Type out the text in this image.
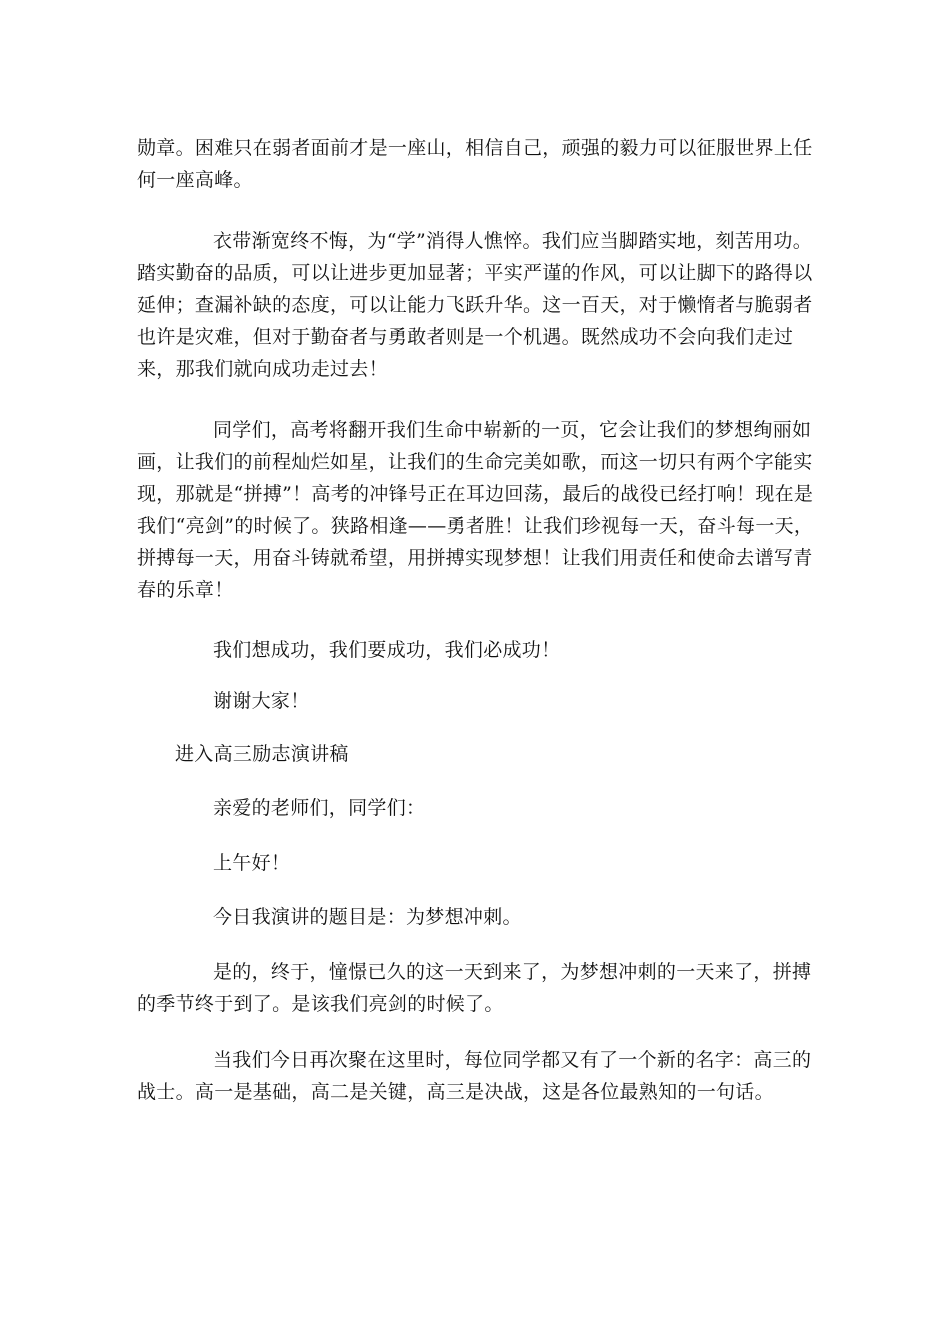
勋章。困难只在弱者面前才是一座山，相信自己，顽强的毅力可以征服世界上任何一座高峰。

衣带渐宽终不悔，为“学”消得人憔悴。我们应当脚踏实地，刻苦用功。踏实勤奋的品质，可以让进步更加显著；平实严谨的作风，可以让脚下的路得以延伸；查漏补缺的态度，可以让能力飞跃升华。这一百天，对于懒惰者与脆弱者也许是灾难，但对于勤奋者与勇敢者则是一个机遇。既然成功不会向我们走过来，那我们就向成功走过去！

同学们，高考将翻开我们生命中崭新的一页，它会让我们的梦想绚丽如画，让我们的前程灿烂如星，让我们的生命完美如歌，而这一切只有两个字能实现，那就是“拼搏”！高考的冲锋号正在耳边回荡，最后的战役已经打响！现在是我们“亮剑”的时候了。狭路相逢——勇者胜！让我们珍视每一天，奋斗每一天，拼搏每一天，用奋斗铸就希望，用拼搏实现梦想！让我们用责任和使命去谱写青春的乐章！

我们想成功，我们要成功，我们必成功！

谢谢大家！

进入高三励志演讲稿

亲爱的老师们，同学们：

上午好！

今日我演讲的题目是：为梦想冲刺。

是的，终于，憧憬已久的这一天到来了，为梦想冲刺的一天来了，拼搏的季节终于到了。是该我们亮剑的时候了。

当我们今日再次聚在这里时，每位同学都又有了一个新的名字：高三的战士。高一是基础，高二是关键，高三是决战，这是各位最熟知的一句话。
